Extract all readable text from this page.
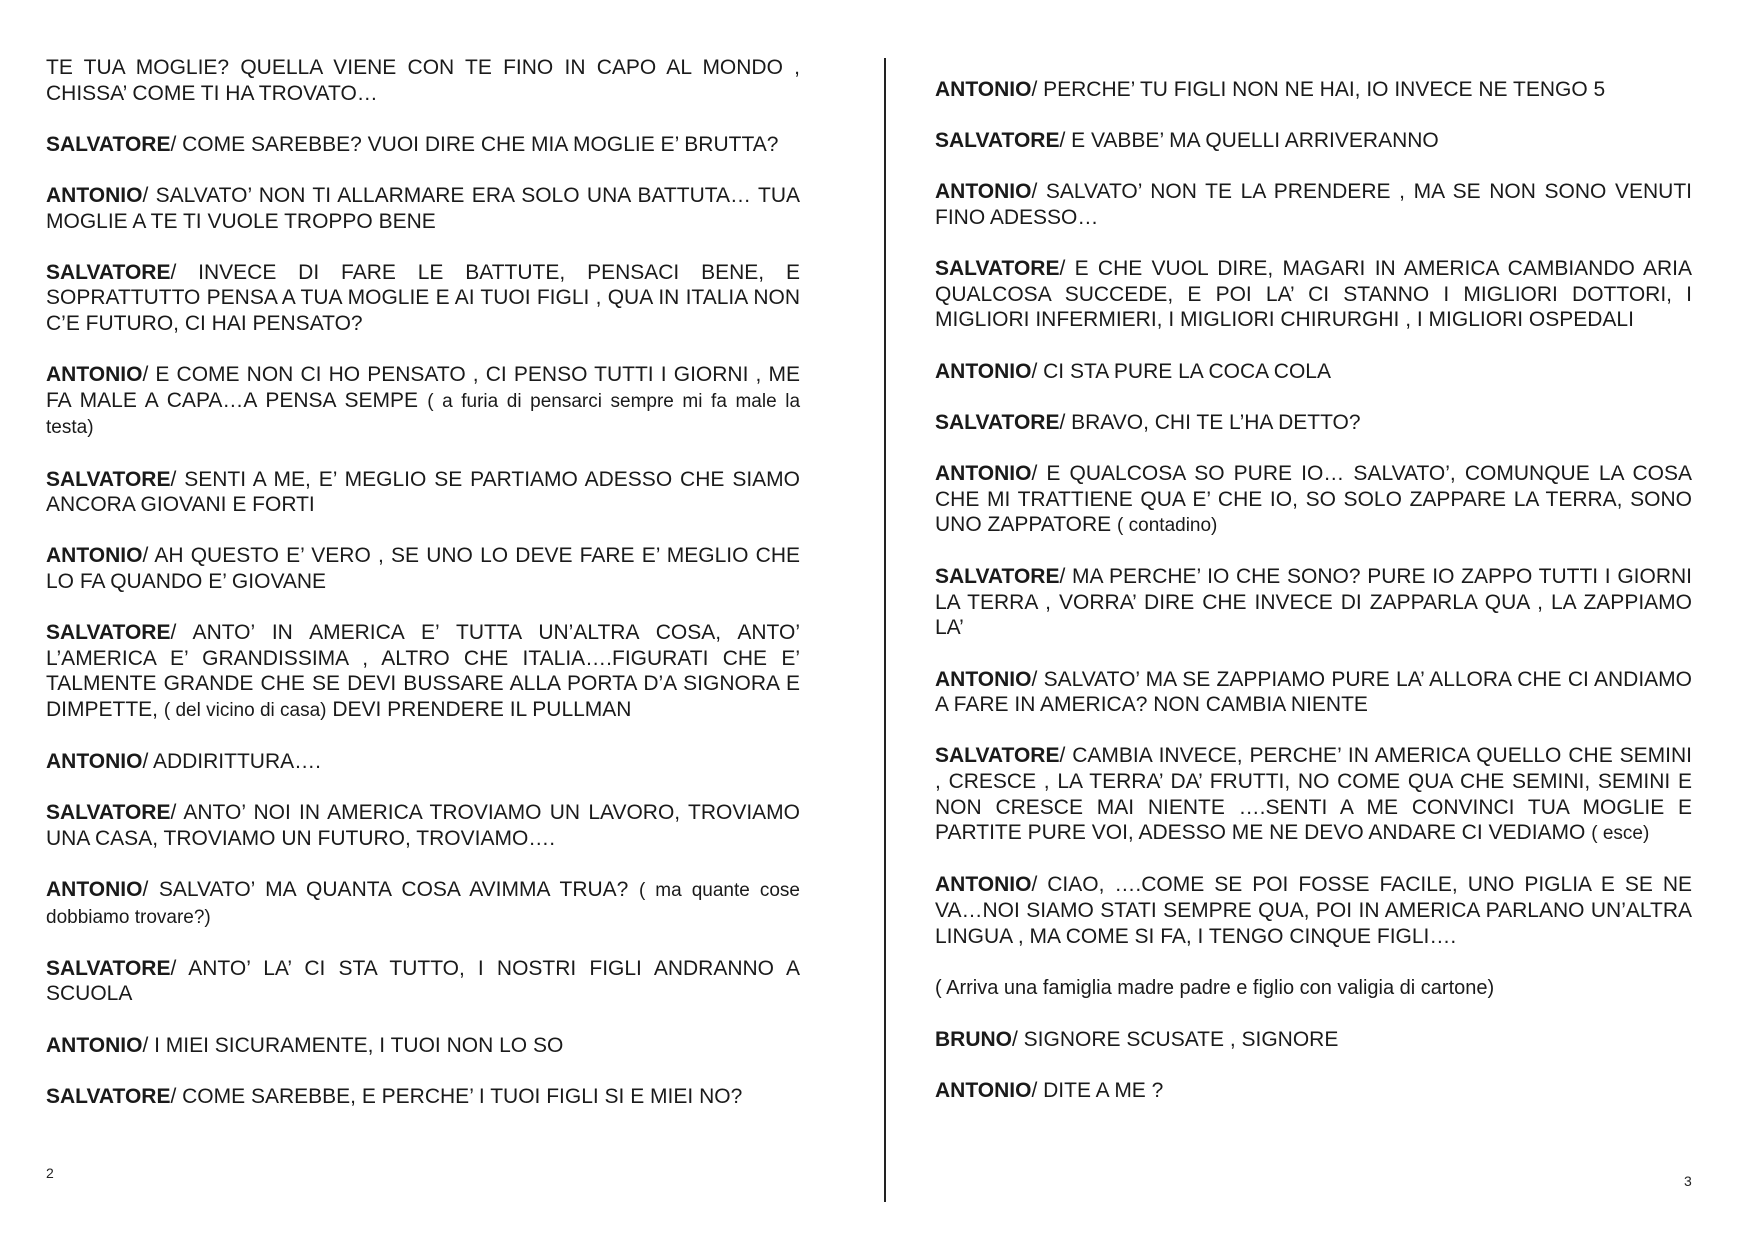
TE TUA MOGLIE? QUELLA VIENE CON TE FINO IN CAPO AL MONDO , CHISSA’ COME TI HA TROVATO…

SALVATORE/ COME SAREBBE? VUOI DIRE CHE MIA MOGLIE E’ BRUTTA?

ANTONIO/ SALVATO’ NON TI ALLARMARE ERA SOLO UNA BATTUTA… TUA MOGLIE A TE TI VUOLE TROPPO BENE

SALVATORE/ INVECE DI FARE LE BATTUTE, PENSACI BENE, E SOPRATTUTTO PENSA A TUA MOGLIE E AI TUOI FIGLI , QUA IN ITALIA NON C’E FUTURO, CI HAI PENSATO?

ANTONIO/ E COME NON CI HO PENSATO , CI PENSO TUTTI I GIORNI , ME FA MALE A CAPA…A PENSA SEMPE ( a furia di pensarci sempre mi fa male la testa)

SALVATORE/ SENTI A ME, E’ MEGLIO SE PARTIAMO ADESSO CHE SIAMO ANCORA GIOVANI E FORTI

ANTONIO/ AH QUESTO E’ VERO , SE UNO LO DEVE FARE E’ MEGLIO CHE LO FA QUANDO E’ GIOVANE

SALVATORE/ ANTO’ IN AMERICA E’ TUTTA UN’ALTRA COSA, ANTO’ L’AMERICA E’ GRANDISSIMA , ALTRO CHE ITALIA….FIGURATI CHE E’ TALMENTE GRANDE CHE SE DEVI BUSSARE ALLA PORTA D’A SIGNORA E DIMPETTE, ( del vicino di casa) DEVI PRENDERE IL PULLMAN

ANTONIO/ ADDIRITTURA….

SALVATORE/ ANTO’ NOI IN AMERICA TROVIAMO UN LAVORO, TROVIAMO UNA CASA, TROVIAMO UN FUTURO, TROVIAMO….

ANTONIO/ SALVATO’ MA QUANTA COSA AVIMMA TRUA? ( ma quante cose dobbiamo trovare?)

SALVATORE/ ANTO’ LA’ CI STA TUTTO, I NOSTRI FIGLI ANDRANNO A SCUOLA

ANTONIO/ I MIEI SICURAMENTE, I TUOI NON LO SO

SALVATORE/ COME SAREBBE, E PERCHE’ I TUOI FIGLI SI E MIEI NO?

2

ANTONIO/ PERCHE’ TU FIGLI NON NE HAI, IO INVECE NE TENGO 5

SALVATORE/ E VABBE’ MA QUELLI ARRIVERANNO

ANTONIO/ SALVATO’ NON TE LA PRENDERE , MA SE NON SONO VENUTI FINO ADESSO…

SALVATORE/ E CHE VUOL DIRE, MAGARI IN AMERICA CAMBIANDO ARIA QUALCOSA SUCCEDE, E POI LA’ CI STANNO I MIGLIORI DOTTORI, I MIGLIORI INFERMIERI, I MIGLIORI CHIRURGHI , I MIGLIORI OSPEDALI

ANTONIO/ CI STA PURE LA COCA COLA

SALVATORE/ BRAVO, CHI TE L’HA DETTO?

ANTONIO/ E QUALCOSA SO PURE IO… SALVATO’, COMUNQUE LA COSA CHE MI TRATTIENE QUA E’ CHE IO, SO SOLO ZAPPARE LA TERRA, SONO UNO ZAPPATORE ( contadino)

SALVATORE/ MA PERCHE’ IO CHE SONO? PURE IO ZAPPO TUTTI I GIORNI LA TERRA , VORRA’ DIRE CHE INVECE DI ZAPPARLA QUA , LA ZAPPIAMO LA’

ANTONIO/ SALVATO’ MA SE ZAPPIAMO PURE LA’ ALLORA CHE CI ANDIAMO A FARE IN AMERICA? NON CAMBIA NIENTE

SALVATORE/ CAMBIA INVECE, PERCHE’ IN AMERICA QUELLO CHE SEMINI , CRESCE , LA TERRA’ DA’ FRUTTI, NO COME QUA CHE SEMINI, SEMINI E NON CRESCE MAI NIENTE ….SENTI A ME CONVINCI TUA MOGLIE E PARTITE PURE VOI, ADESSO ME NE DEVO ANDARE CI VEDIAMO ( esce)

ANTONIO/ CIAO, ….COME SE POI FOSSE FACILE, UNO PIGLIA E SE NE VA…NOI SIAMO STATI SEMPRE QUA, POI IN AMERICA PARLANO UN’ALTRA LINGUA , MA COME SI FA, I TENGO CINQUE FIGLI….

( Arriva una famiglia madre padre e figlio con valigia di cartone)

BRUNO/ SIGNORE SCUSATE , SIGNORE

ANTONIO/ DITE A ME ?

3
